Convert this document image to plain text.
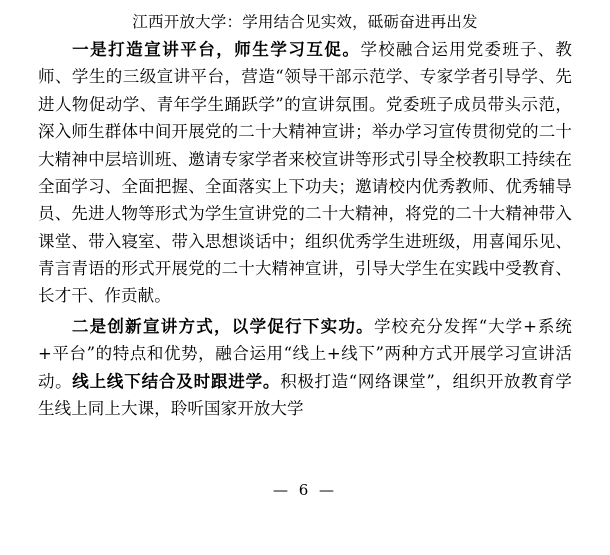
江西开放大学：学用结合见实效，砥砺奋进再出发

一是打造宣讲平台，师生学习互促。学校融合运用党委班子、教师、学生的三级宣讲平台，营造“领导干部示范学、专家学者引导学、先进人物促动学、青年学生踊跃学”的宣讲氛围。党委班子成员带头示范，深入师生群体中间开展党的二十大精神宣讲；举办学习宣传贯彻党的二十大精神中层培训班、邀请专家学者来校宣讲等形式引导全校教职工持续在全面学习、全面把握、全面落实上下功夫；邀请校内优秀教师、优秀辅导员、先进人物等形式为学生宣讲党的二十大精神，将党的二十大精神带入课堂、带入寝室、带入思想谈话中；组织优秀学生进班级，用喜闻乐见、青言青语的形式开展党的二十大精神宣讲，引导大学生在实践中受教育、长才干、作贡献。

二是创新宣讲方式，以学促行下实功。学校充分发挥“大学+系统+平台”的特点和优势，融合运用“线上+线下”两种方式开展学习宣讲活动。线上线下结合及时跟进学。积极打造“网络课堂”，组织开放教育学生线上同上大课，聆听国家开放大学

— 6 —
